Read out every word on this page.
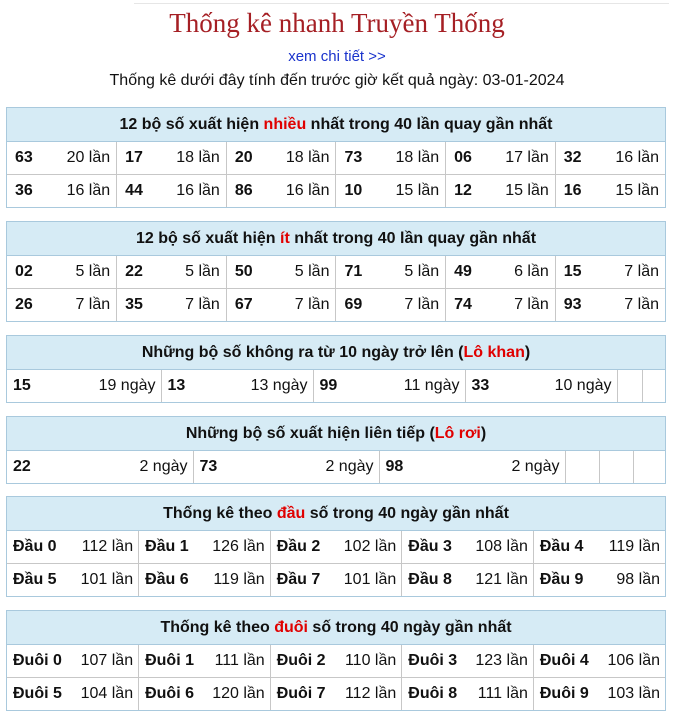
Thống kê nhanh Truyền Thống
xem chi tiết >>
Thống kê dưới đây tính đến trước giờ kết quả ngày: 03-01-2024
12 bộ số xuất hiện nhiều nhất trong 40 lần quay gần nhất
63 20 lần	17 18 lần	20 18 lần	73 18 lần	06 17 lần	32 16 lần

36 16 lần	44 16 lần	86 16 lần	10 15 lần	12 15 lần	16 15 lần
12 bộ số xuất hiện ít nhất trong 40 lần quay gần nhất
02 5 lần	22 5 lần	50 5 lần	71 5 lần	49 6 lần	15 7 lần

26 7 lần	35 7 lần	67 7 lần	69 7 lần	74 7 lần	93 7 lần
Những bộ số không ra từ 10 ngày trở lên (Lô khan)
15	19 ngày	13	13 ngày	99	11 ngày	33	10 ngày

Những bộ số xuất hiện liên tiếp (Lô rơi)
22	2 ngày	73	2 ngày	98	2 ngày

Thống kê theo đầu số trong 40 ngày gần nhất
Đầu 0 112 lần	Đầu 1 126 lần	Đầu 2 102 lần	Đầu 3 108 lần	Đầu 4 119 lần

Đầu 5 101 lần	Đầu 6 119 lần	Đầu 7 101 lần	Đầu 8 121 lần	Đầu 9 98 lần
Thống kê theo đuôi số trong 40 ngày gần nhất
Đuôi 0 107 lần	Đuôi 1 111 lần	Đuôi 2 110 lần	Đuôi 3 123 lần	Đuôi 4 106 lần

Đuôi 5 104 lần	Đuôi 6 120 lần	Đuôi 7 112 lần	Đuôi 8 111 lần	Đuôi 9 103 lần
